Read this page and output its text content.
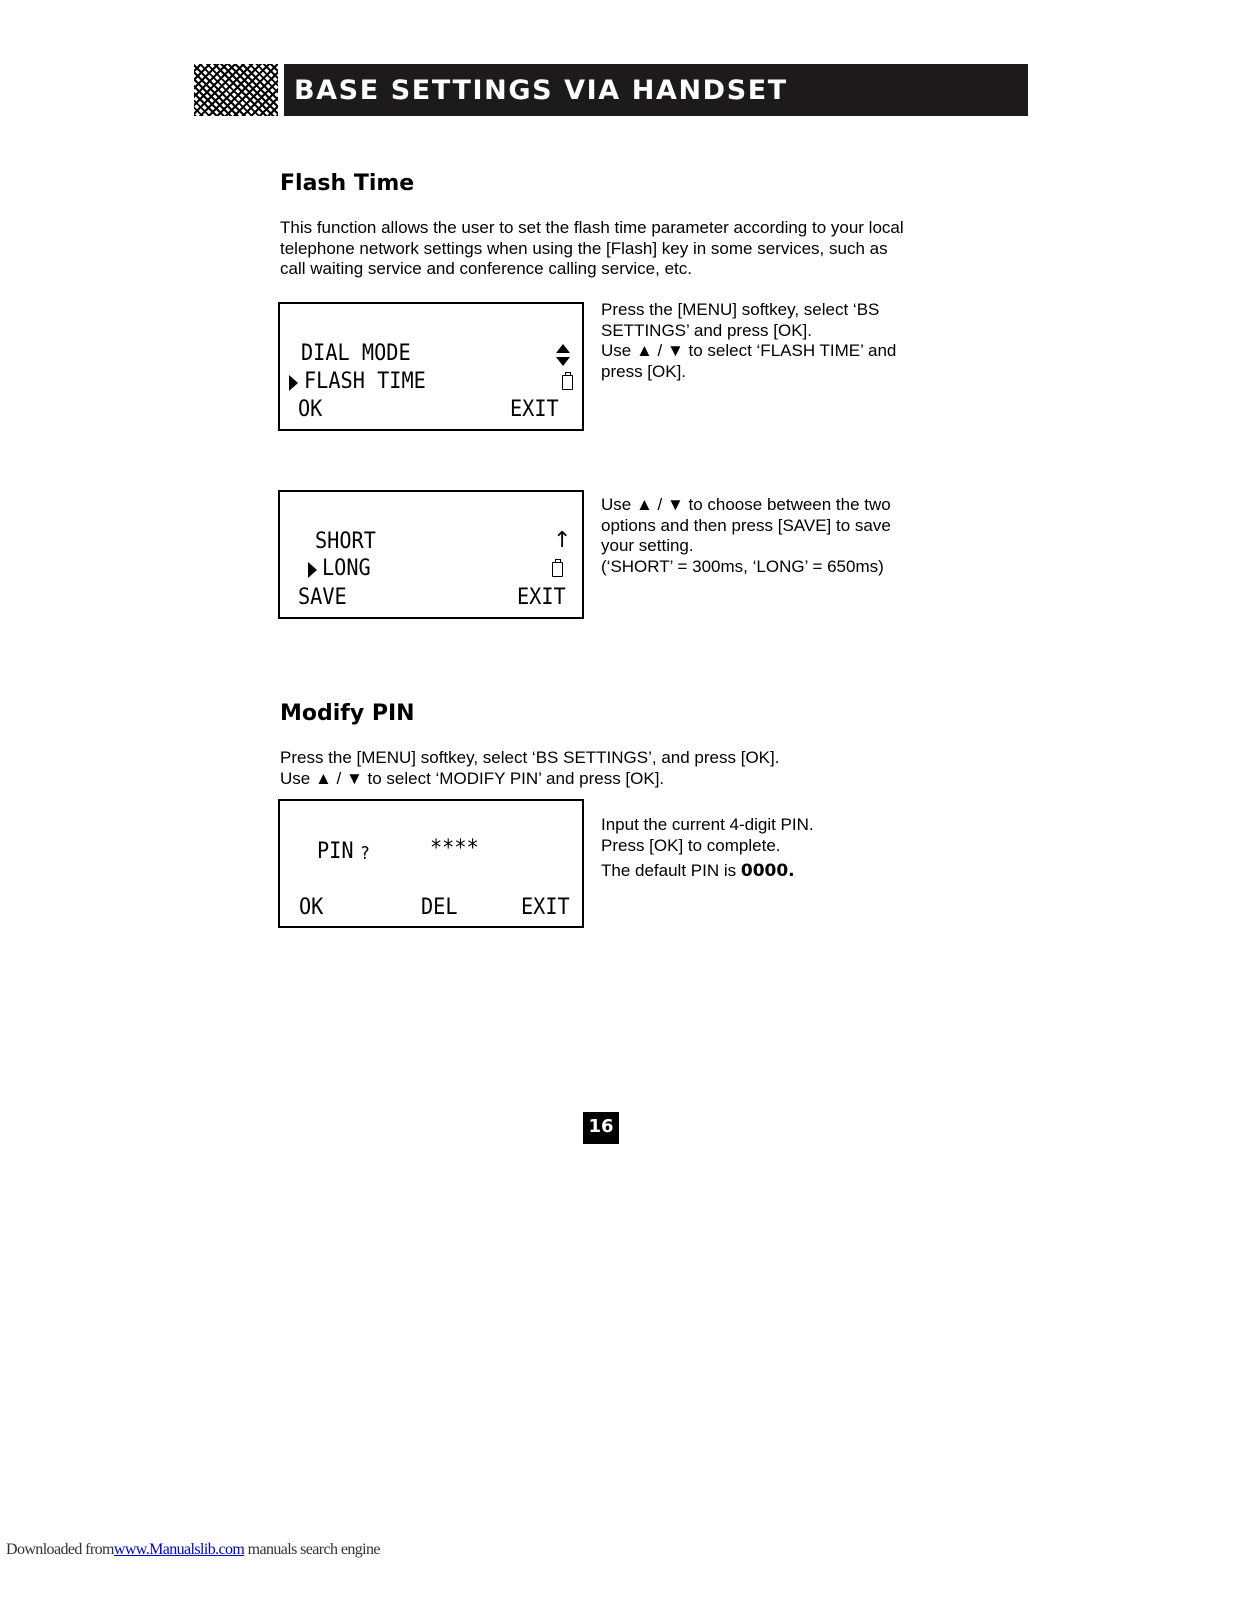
BASE SETTINGS VIA HANDSET
Flash Time
This function allows the user to set the flash time parameter according to your local
telephone network settings when using the [Flash] key in some services, such as
call waiting service and conference calling service, etc.
DIAL MODE
FLASH TIME
OK	EXIT
Press the [MENU] softkey, select ‘BS
SETTINGS’ and press [OK].
Use ▲ / ▼ to select ‘FLASH TIME’ and
press [OK].
SHORT	↑
LONG
SAVE	EXIT
Use ▲ / ▼ to choose between the two
options and then press [SAVE] to save
your setting.
(‘SHORT’ = 300ms, ‘LONG’ = 650ms)
Modify PIN
Press the [MENU] softkey, select ‘BS SETTINGS’, and press [OK].
Use ▲ / ▼ to select ‘MODIFY PIN’ and press [OK].
PIN ?	****
OK	DEL	EXIT
Input the current 4-digit PIN.
Press [OK] to complete.
The default PIN is 0000.
16
Downloaded fromwww.Manualslib.com manuals search engine
